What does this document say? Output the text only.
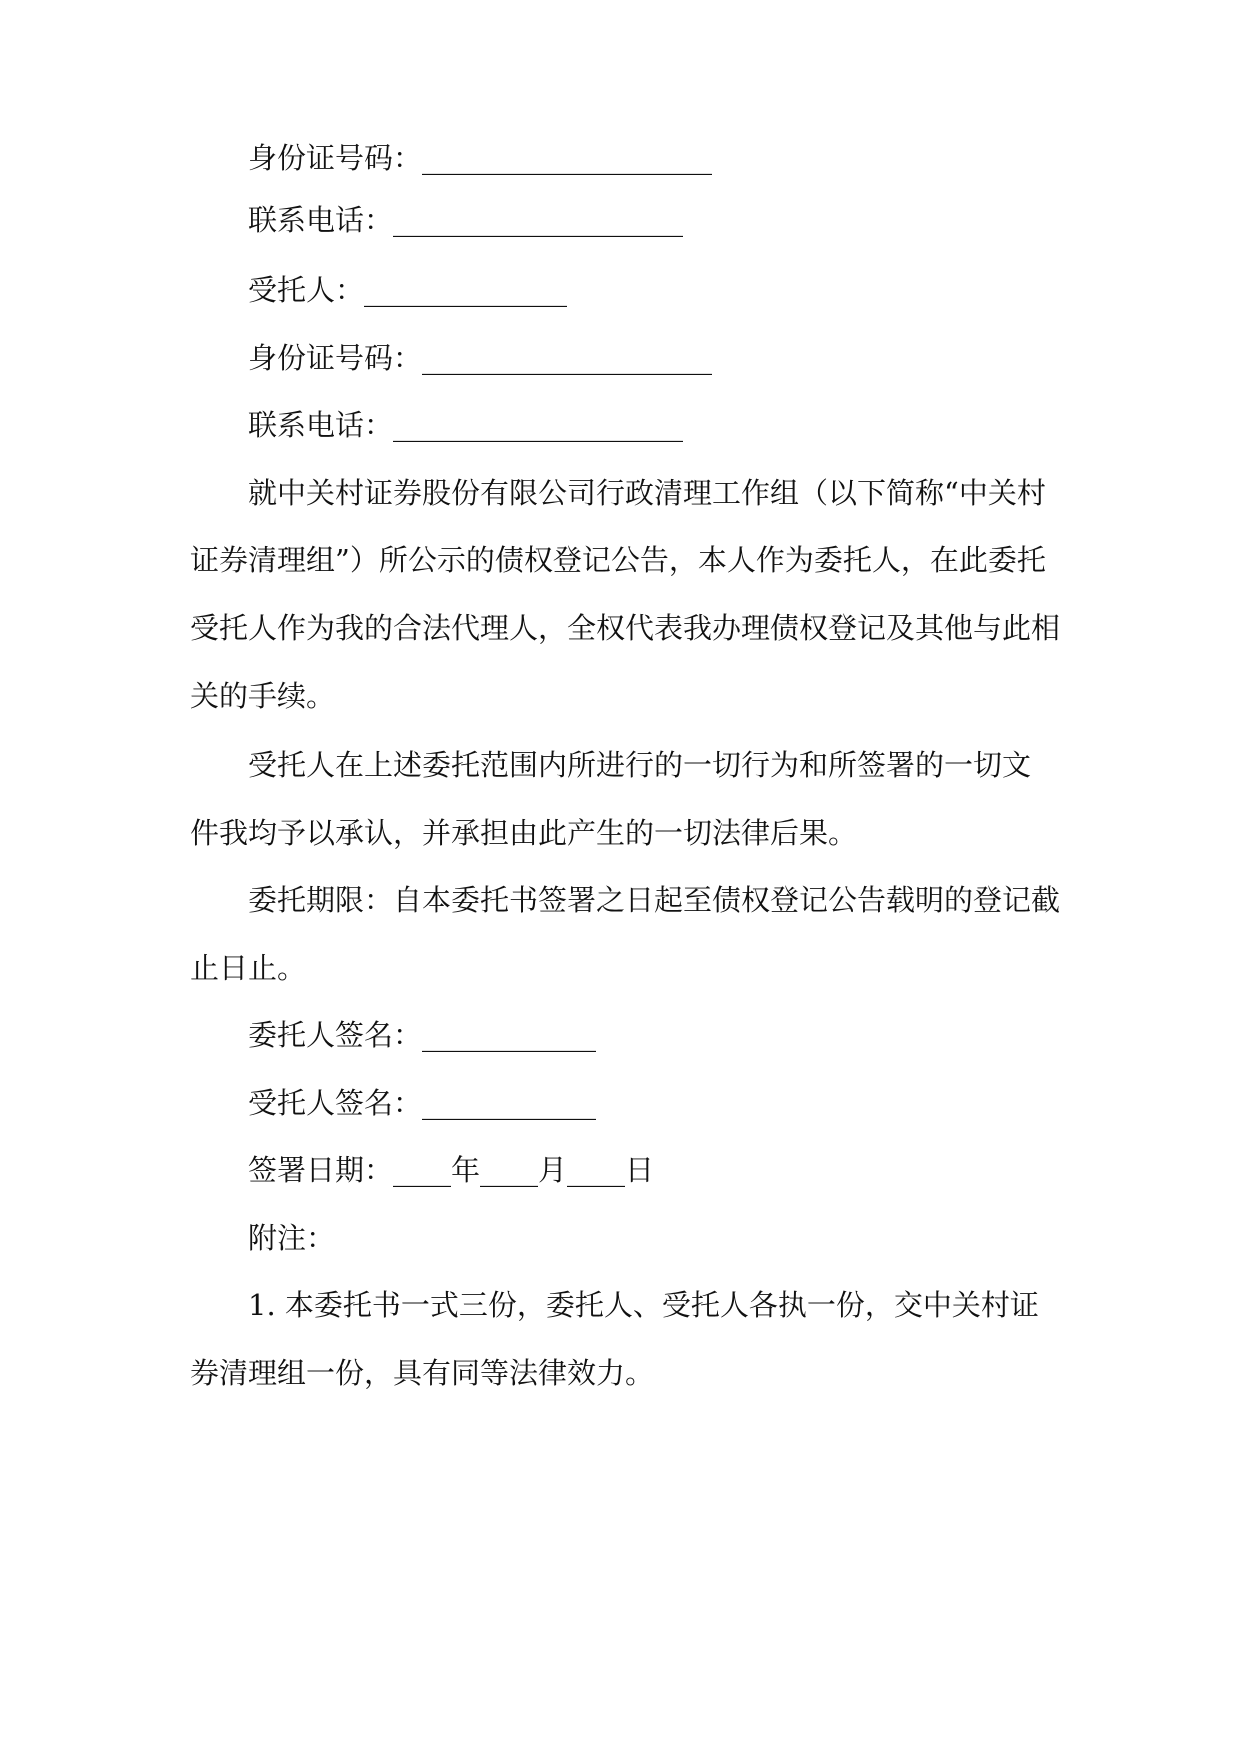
身份证号码：____________________
联系电话：____________________
受托人：______________
身份证号码：____________________
联系电话：____________________
就中关村证券股份有限公司行政清理工作组（以下简称“中关村
证券清理组”）所公示的债权登记公告，本人作为委托人，在此委托
受托人作为我的合法代理人，全权代表我办理债权登记及其他与此相
关的手续。
受托人在上述委托范围内所进行的一切行为和所签署的一切文
件我均予以承认，并承担由此产生的一切法律后果。
委托期限：自本委托书签署之日起至债权登记公告载明的登记截
止日止。
委托人签名：____________
受托人签名：____________
签署日期：____年____月____日
附注：
1. 本委托书一式三份，委托人、受托人各执一份，交中关村证
券清理组一份，具有同等法律效力。
